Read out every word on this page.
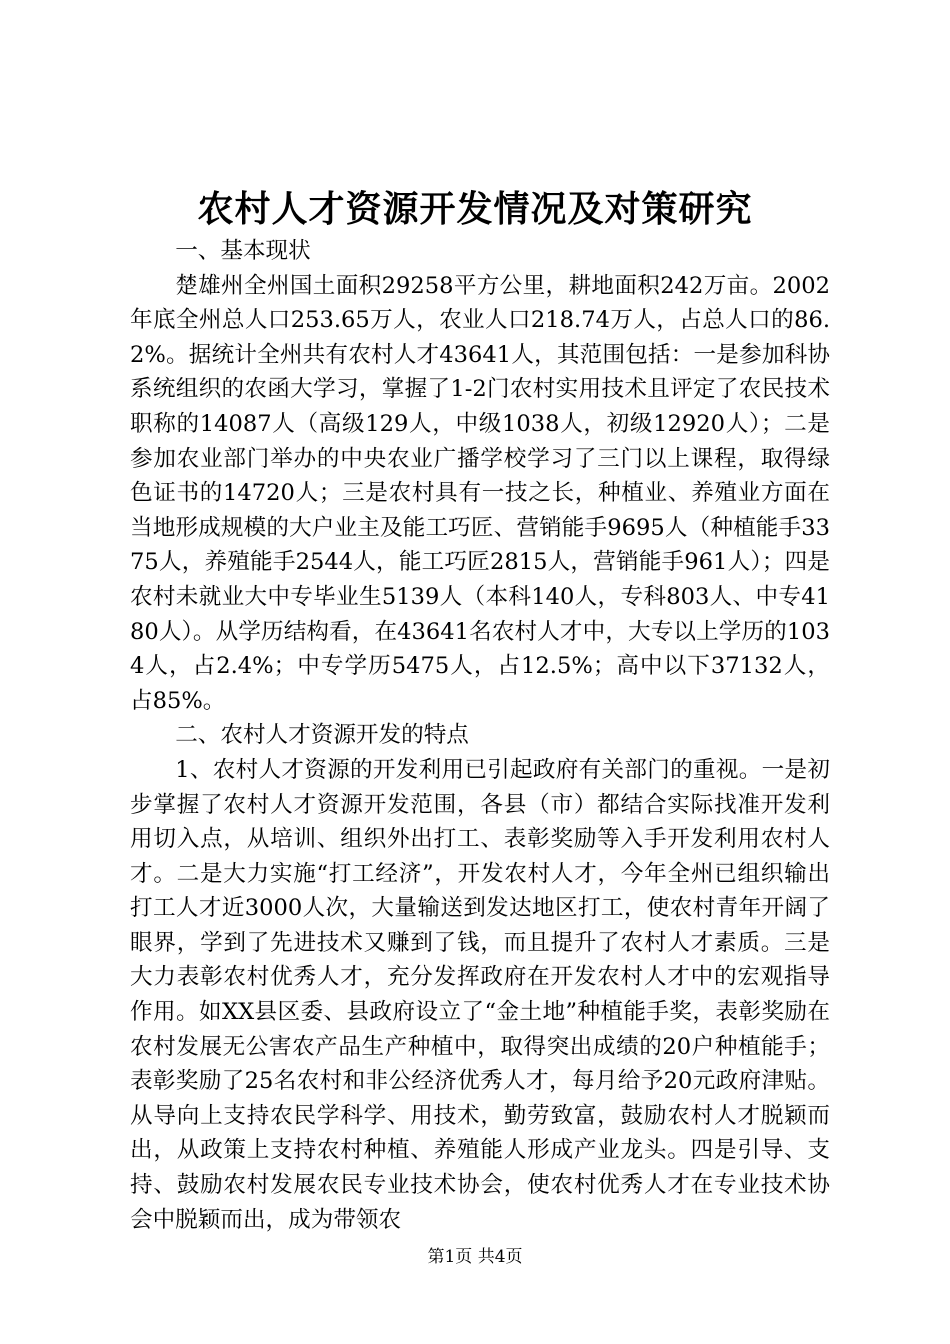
农村人才资源开发情况及对策研究

一、基本现状

楚雄州全州国土面积29258平方公里，耕地面积242万亩。2002年底全州总人口253.65万人，农业人口218.74万人，占总人口的86.2%。据统计全州共有农村人才43641人，其范围包括：一是参加科协系统组织的农函大学习，掌握了1-2门农村实用技术且评定了农民技术职称的14087人（高级129人，中级1038人，初级12920人）；二是参加农业部门举办的中央农业广播学校学习了三门以上课程，取得绿色证书的14720人；三是农村具有一技之长，种植业、养殖业方面在当地形成规模的大户业主及能工巧匠、营销能手9695人（种植能手3375人，养殖能手2544人，能工巧匠2815人，营销能手961人）；四是农村未就业大中专毕业生5139人（本科140人，专科803人、中专4180人）。从学历结构看，在43641名农村人才中，大专以上学历的1034人，占2.4%；中专学历5475人，占12.5%；高中以下37132人，占85%。

二、农村人才资源开发的特点

1、农村人才资源的开发利用已引起政府有关部门的重视。一是初步掌握了农村人才资源开发范围，各县（市）都结合实际找准开发利用切入点，从培训、组织外出打工、表彰奖励等入手开发利用农村人才。二是大力实施“打工经济”，开发农村人才，今年全州已组织输出打工人才近3000人次，大量输送到发达地区打工，使农村青年开阔了眼界，学到了先进技术又赚到了钱，而且提升了农村人才素质。三是大力表彰农村优秀人才，充分发挥政府在开发农村人才中的宏观指导作用。如XX县区委、县政府设立了“金土地”种植能手奖，表彰奖励在农村发展无公害农产品生产种植中，取得突出成绩的20户种植能手；表彰奖励了25名农村和非公经济优秀人才，每月给予20元政府津贴。从导向上支持农民学科学、用技术，勤劳致富，鼓励农村人才脱颖而出，从政策上支持农村种植、养殖能人形成产业龙头。四是引导、支持、鼓励农村发展农民专业技术协会，使农村优秀人才在专业技术协会中脱颖而出，成为带领农

第1页 共4页
